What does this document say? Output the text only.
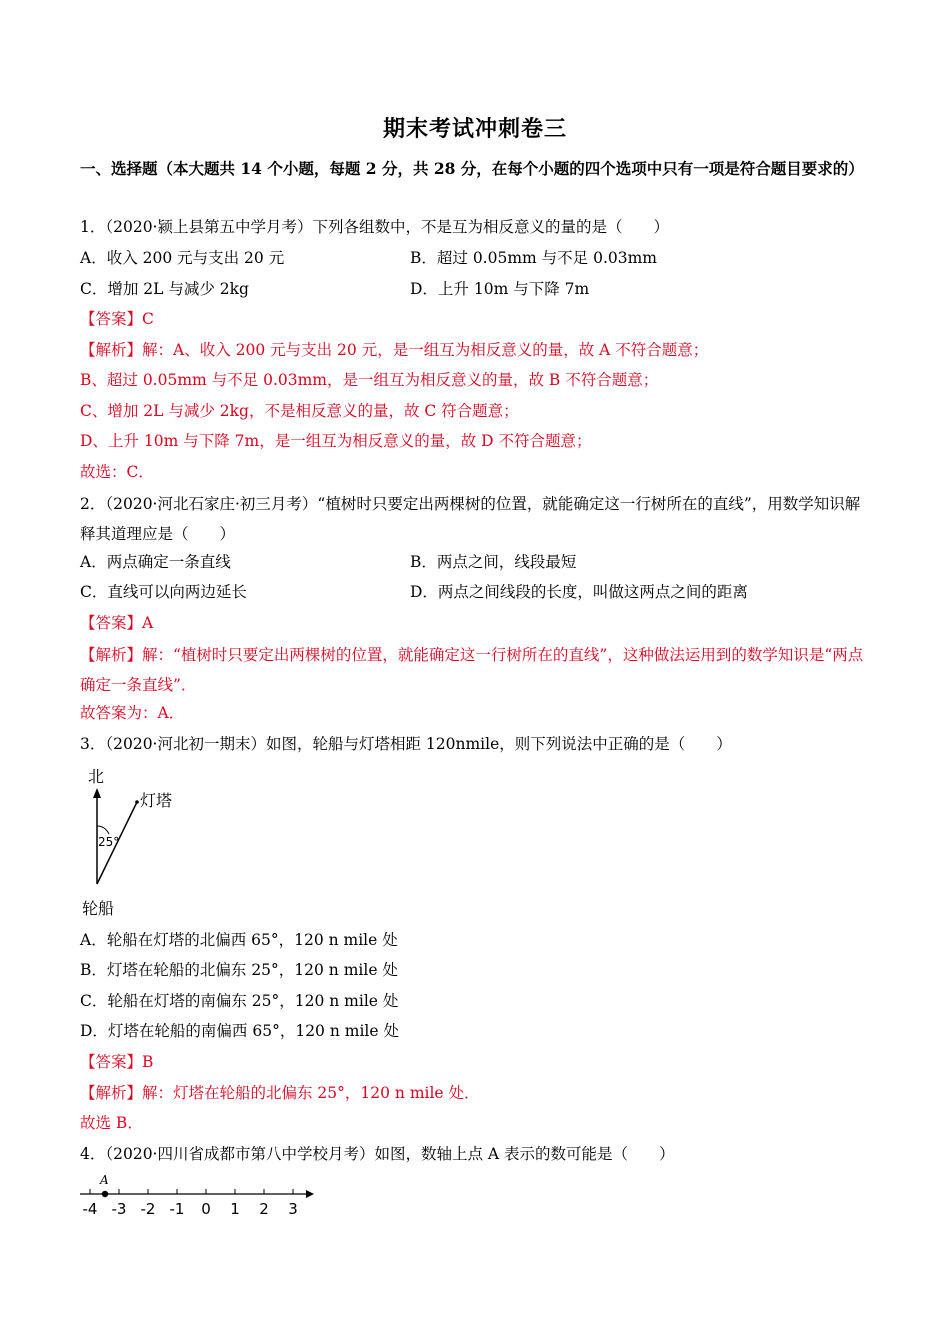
期末考试冲刺卷三
一、选择题（本大题共 14 个小题，每题 2 分，共 28 分，在每个小题的四个选项中只有一项是符合题目要求的）
1．（2020·颍上县第五中学月考）下列各组数中，不是互为相反意义的量的是（　　）
A．收入 200 元与支出 20 元	B．超过 0.05mm 与不足 0.03mm
C．增加 2L 与减少 2kg	D．上升 10m 与下降 7m
【答案】C
【解析】解：A、收入 200 元与支出 20 元，是一组互为相反意义的量，故 A 不符合题意；
B、超过 0.05mm 与不足 0.03mm，是一组互为相反意义的量，故 B 不符合题意；
C、增加 2L 与减少 2kg，不是相反意义的量，故 C 符合题意；
D、上升 10m 与下降 7m，是一组互为相反意义的量，故 D 不符合题意；
故选：C．
2．（2020·河北石家庄·初三月考）“植树时只要定出两棵树的位置，就能确定这一行树所在的直线”，用数学知识解释其道理应是（　　）
A．两点确定一条直线	B．两点之间，线段最短
C．直线可以向两边延长	D．两点之间线段的长度，叫做这两点之间的距离
【答案】A
【解析】解：“植树时只要定出两棵树的位置，就能确定这一行树所在的直线”，这种做法运用到的数学知识是“两点确定一条直线”．
故答案为：A．
3．（2020·河北初一期末）如图，轮船与灯塔相距 120nmile，则下列说法中正确的是（　　）
北
灯塔
25°
轮船
A．轮船在灯塔的北偏西 65°，120 n mile 处
B．灯塔在轮船的北偏东 25°，120 n mile 处
C．轮船在灯塔的南偏东 25°，120 n mile 处
D．灯塔在轮船的南偏西 65°，120 n mile 处
【答案】B
【解析】解：灯塔在轮船的北偏东 25°，120 n mile 处．
故选 B．
4．（2020·四川省成都市第八中学校月考）如图，数轴上点 A 表示的数可能是（　　）
-4 -3 -2 -1 0 1 2 3
A
